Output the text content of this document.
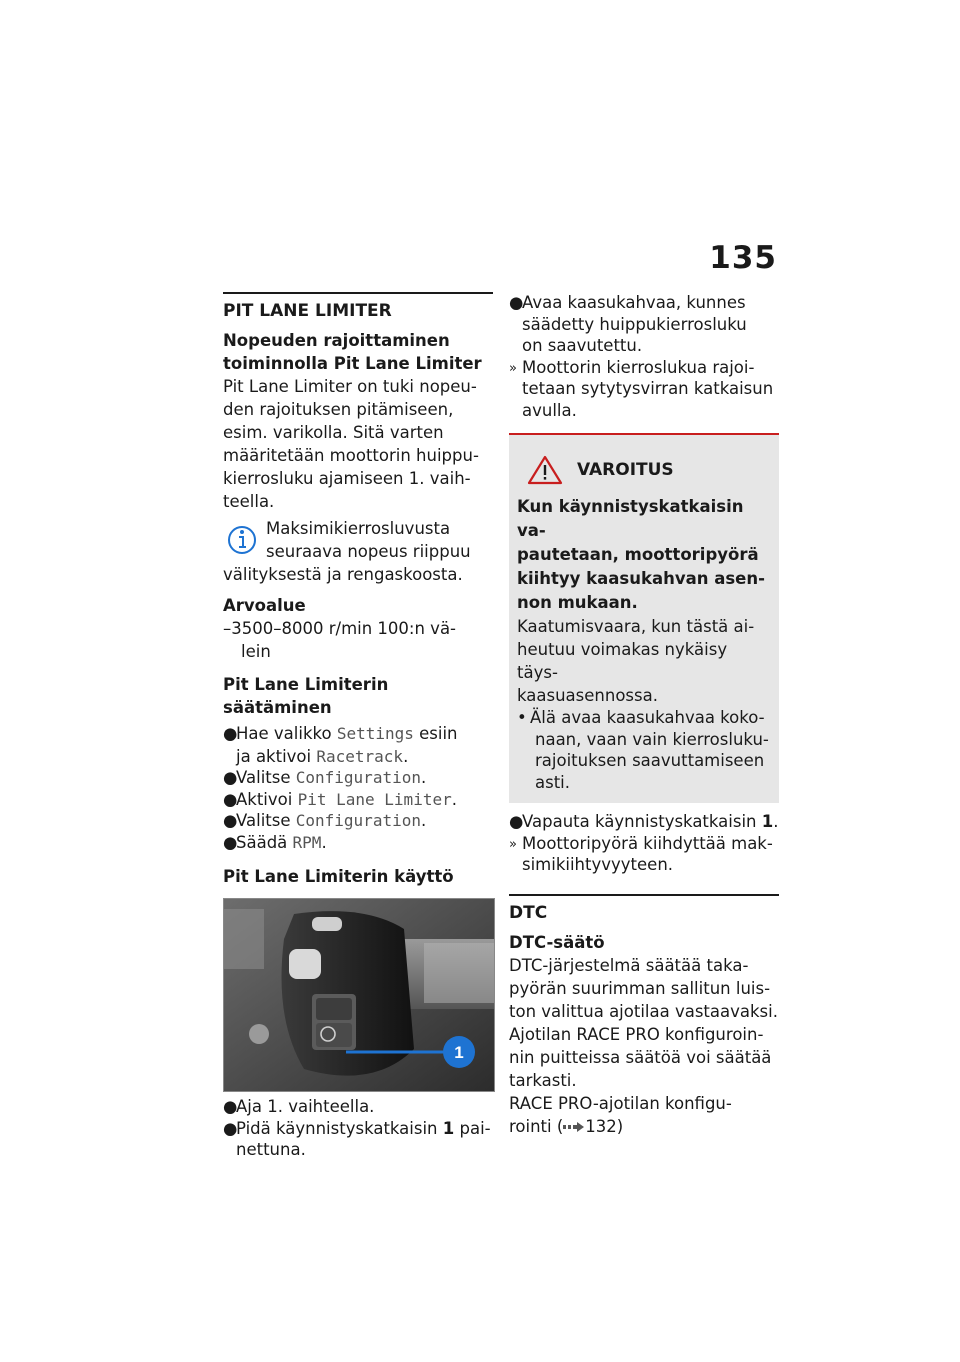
135
PIT LANE LIMITER
Nopeuden rajoittaminen
toiminnolla Pit Lane Limiter

Pit Lane Limiter on tuki nopeu-

den rajoituksen pitämiseen,

esim. varikolla. Sitä varten

määritetään moottorin huippu-

kierrosluku ajamiseen 1. vaih-

teella.

Maksimikierrosluvusta
seuraava nopeus riippuu

välityksestä ja rengaskoosta.

Arvoalue
–3500–8000 r/min 100:n vä-
lein
Pit Lane Limiterin säätäminen
●
Hae valikko Settings esiin
ja aktivoi Racetrack.
●
Valitse Configuration.
●
Aktivoi Pit Lane Limiter.
●
Valitse Configuration.
●
Säädä RPM.
Pit Lane Limiterin käyttö
1
●
Aja 1. vaihteella.
●
Pidä käynnistyskatkaisin 1 pai-
nettuna.
●
Avaa kaasukahvaa, kunnes
säädetty huippukierrosluku
on saavutettu.
» Moottorin kierroslukua rajoi-
tetaan sytytysvirran katkaisun
avulla.
VAROITUS
Kun käynnistyskatkaisin va-
pautetaan, moottoripyörä
kiihtyy kaasukahvan asen-
non mukaan.

Kaatumisvaara, kun tästä ai-

heutuu voimakas nykäisy täys-

kaasuasennossa.

• Älä avaa kaasukahvaa koko-
naan, vaan vain kierrosluku-
rajoituksen saavuttamiseen
asti.
●
Vapauta käynnistyskatkaisin 1.
» Moottoripyörä kiihdyttää mak-
simikiihtyvyyteen.
DTC
DTC-säätö

DTC-järjestelmä säätää taka-

pyörän suurimman sallitun luis-

ton valittua ajotilaa vastaavaksi.

Ajotilan RACE PRO konfiguroin-

nin puitteissa säätöä voi säätää

tarkasti.

RACE PRO-ajotilan konfigu-

rointi ( 132)
